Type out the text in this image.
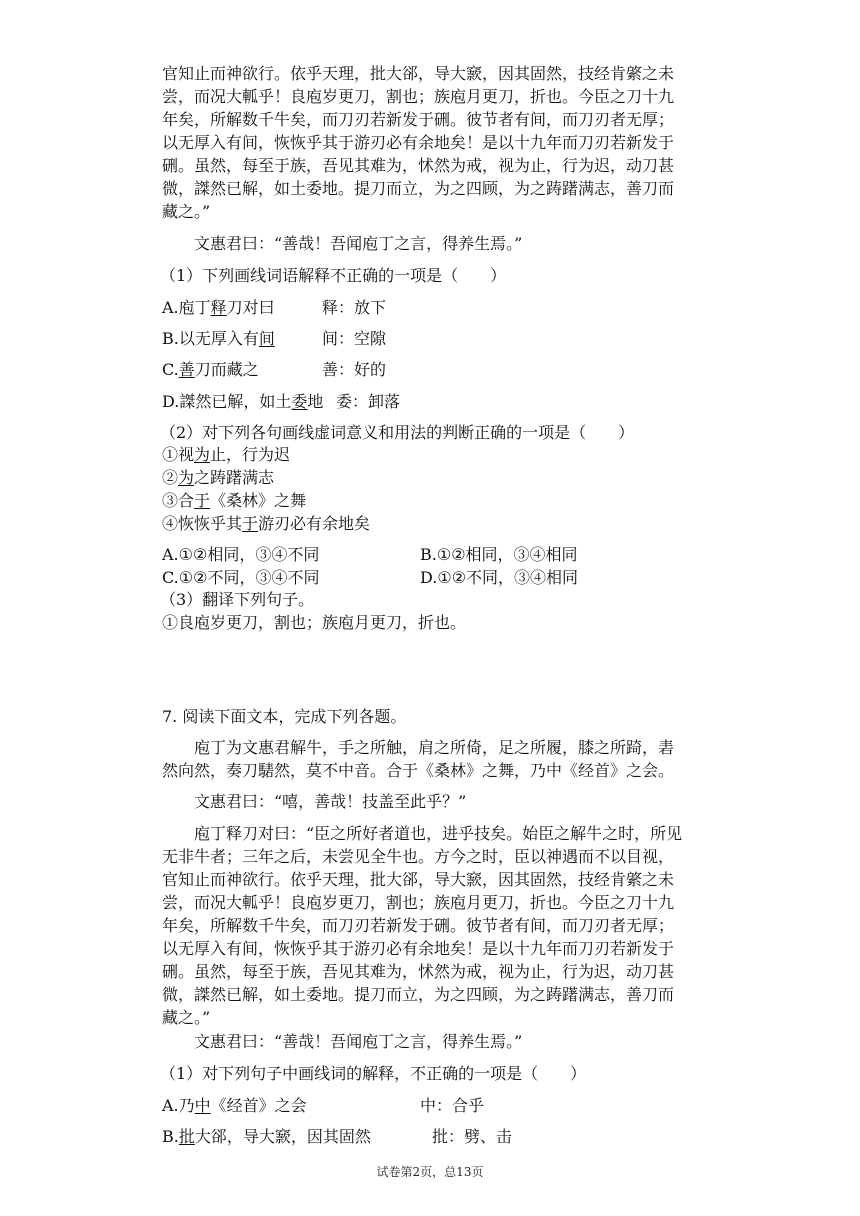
官知止而神欲行。依乎天理，批大郤，导大窾，因其固然，技经肯綮之未
尝，而况大軱乎！良庖岁更刀，割也；族庖月更刀，折也。今臣之刀十九
年矣，所解数千牛矣，而刀刃若新发于硎。彼节者有间，而刀刃者无厚；
以无厚入有间，恢恢乎其于游刃必有余地矣！是以十九年而刀刃若新发于
硎。虽然，每至于族，吾见其难为，怵然为戒，视为止，行为迟，动刀甚
微，謋然已解，如土委地。提刀而立，为之四顾，为之踌躇满志，善刀而
藏之。”
文惠君曰：“善哉！吾闻庖丁之言，得养生焉。”
（1）下列画线词语解释不正确的一项是（　　）
A.庖丁释刀对曰	释：放下
B.以无厚入有间	间：空隙
C.善刀而藏之	善：好的
D.謋然已解，如土委地 委：卸落
（2）对下列各句画线虚词意义和用法的判断正确的一项是（　　）
①视为止，行为迟
②为之踌躇满志
③合于《桑林》之舞
④恢恢乎其于游刃必有余地矣
A.①②相同，③④不同	B.①②相同，③④相同
C.①②不同，③④不同	D.①②不同，③④相同
（3）翻译下列句子。
①良庖岁更刀，割也；族庖月更刀，折也。
7. 阅读下面文本，完成下列各题。
庖丁为文惠君解牛，手之所触，肩之所倚，足之所履，膝之所踦，砉
然向然，奏刀騞然，莫不中音。合于《桑林》之舞，乃中《经首》之会。
文惠君曰：“嘻，善哉！技盖至此乎？”
庖丁释刀对曰：“臣之所好者道也，进乎技矣。始臣之解牛之时，所见
无非牛者；三年之后，未尝见全牛也。方今之时，臣以神遇而不以目视，
官知止而神欲行。依乎天理，批大郤，导大窾，因其固然，技经肯綮之未
尝，而况大軱乎！良庖岁更刀，割也；族庖月更刀，折也。今臣之刀十九
年矣，所解数千牛矣，而刀刃若新发于硎。彼节者有间，而刀刃者无厚；
以无厚入有间，恢恢乎其于游刃必有余地矣！是以十九年而刀刃若新发于
硎。虽然，每至于族，吾见其难为，怵然为戒，视为止，行为迟，动刀甚
微，謋然已解，如土委地。提刀而立，为之四顾，为之踌躇满志，善刀而
藏之。”
文惠君曰：“善哉！吾闻庖丁之言，得养生焉。”
（1）对下列句子中画线词的解释，不正确的一项是（　　）
A.乃中《经首》之会	中：合乎
B.批大郤，导大窾，因其固然	批：劈、击
试卷第2页，总13页
